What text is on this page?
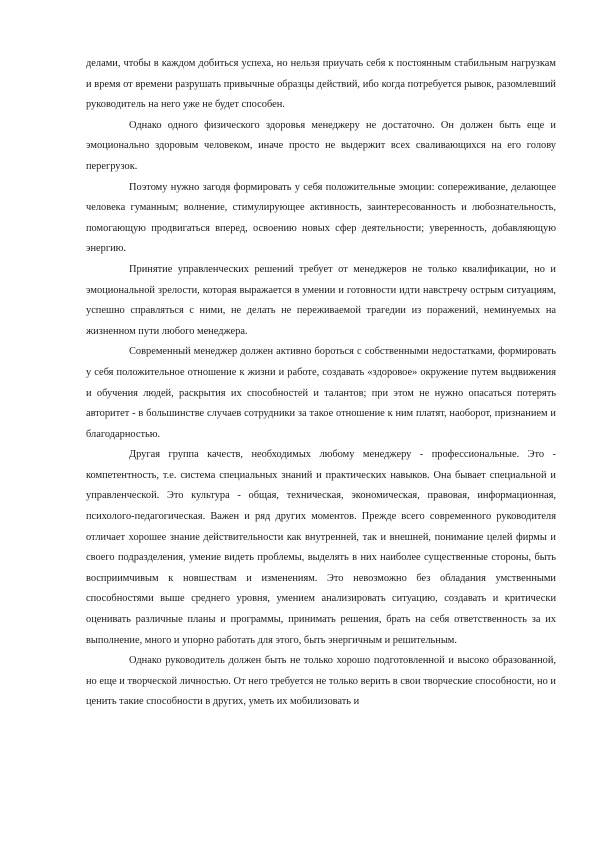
делами, чтобы в каждом добиться успеха, но нельзя приучать себя к постоянным стабильным нагрузкам и время от времени разрушать привычные образцы действий, ибо когда потребуется рывок, разомлевший руководитель на него уже не будет способен.

Однако одного физического здоровья менеджеру не достаточно. Он должен быть еще и эмоционально здоровым человеком, иначе просто не выдержит всех сваливающихся на его голову перегрузок.

Поэтому нужно загодя формировать у себя положительные эмоции: сопереживание, делающее человека гуманным; волнение, стимулирующее активность, заинтересованность и любознательность, помогающую продвигаться вперед, освоению новых сфер деятельности; уверенность, добавляющую энергию.

Принятие управленческих решений требует от менеджеров не только квалификации, но и эмоциональной зрелости, которая выражается в умении и готовности идти навстречу острым ситуациям, успешно справляться с ними, не делать не переживаемой трагедии из поражений, неминуемых на жизненном пути любого менеджера.

Современный менеджер должен активно бороться с собственными недостатками, формировать у себя положительное отношение к жизни и работе, создавать «здоровое» окружение путем выдвижения и обучения людей, раскрытия их способностей и талантов; при этом не нужно опасаться потерять авторитет - в большинстве случаев сотрудники за такое отношение к ним платят, наоборот, признанием и благодарностью.

Другая группа качеств, необходимых любому менеджеру - профессиональные. Это - компетентность, т.е. система специальных знаний и практических навыков. Она бывает специальной и управленческой. Это культура - общая, техническая, экономическая, правовая, информационная, психолого-педагогическая. Важен и ряд других моментов. Прежде всего современного руководителя отличает хорошее знание действительности как внутренней, так и внешней, понимание целей фирмы и своего подразделения, умение видеть проблемы, выделять в них наиболее существенные стороны, быть восприимчивым к новшествам и изменениям. Это невозможно без обладания умственными способностями выше среднего уровня, умением анализировать ситуацию, создавать и критически оценивать различные планы и программы, принимать решения, брать на себя ответственность за их выполнение, много и упорно работать для этого, быть энергичным и решительным.

Однако руководитель должен быть не только хорошо подготовленной и высоко образованной, но еще и творческой личностью. От него требуется не только верить в свои творческие способности, но и ценить такие способности в других, уметь их мобилизовать и
